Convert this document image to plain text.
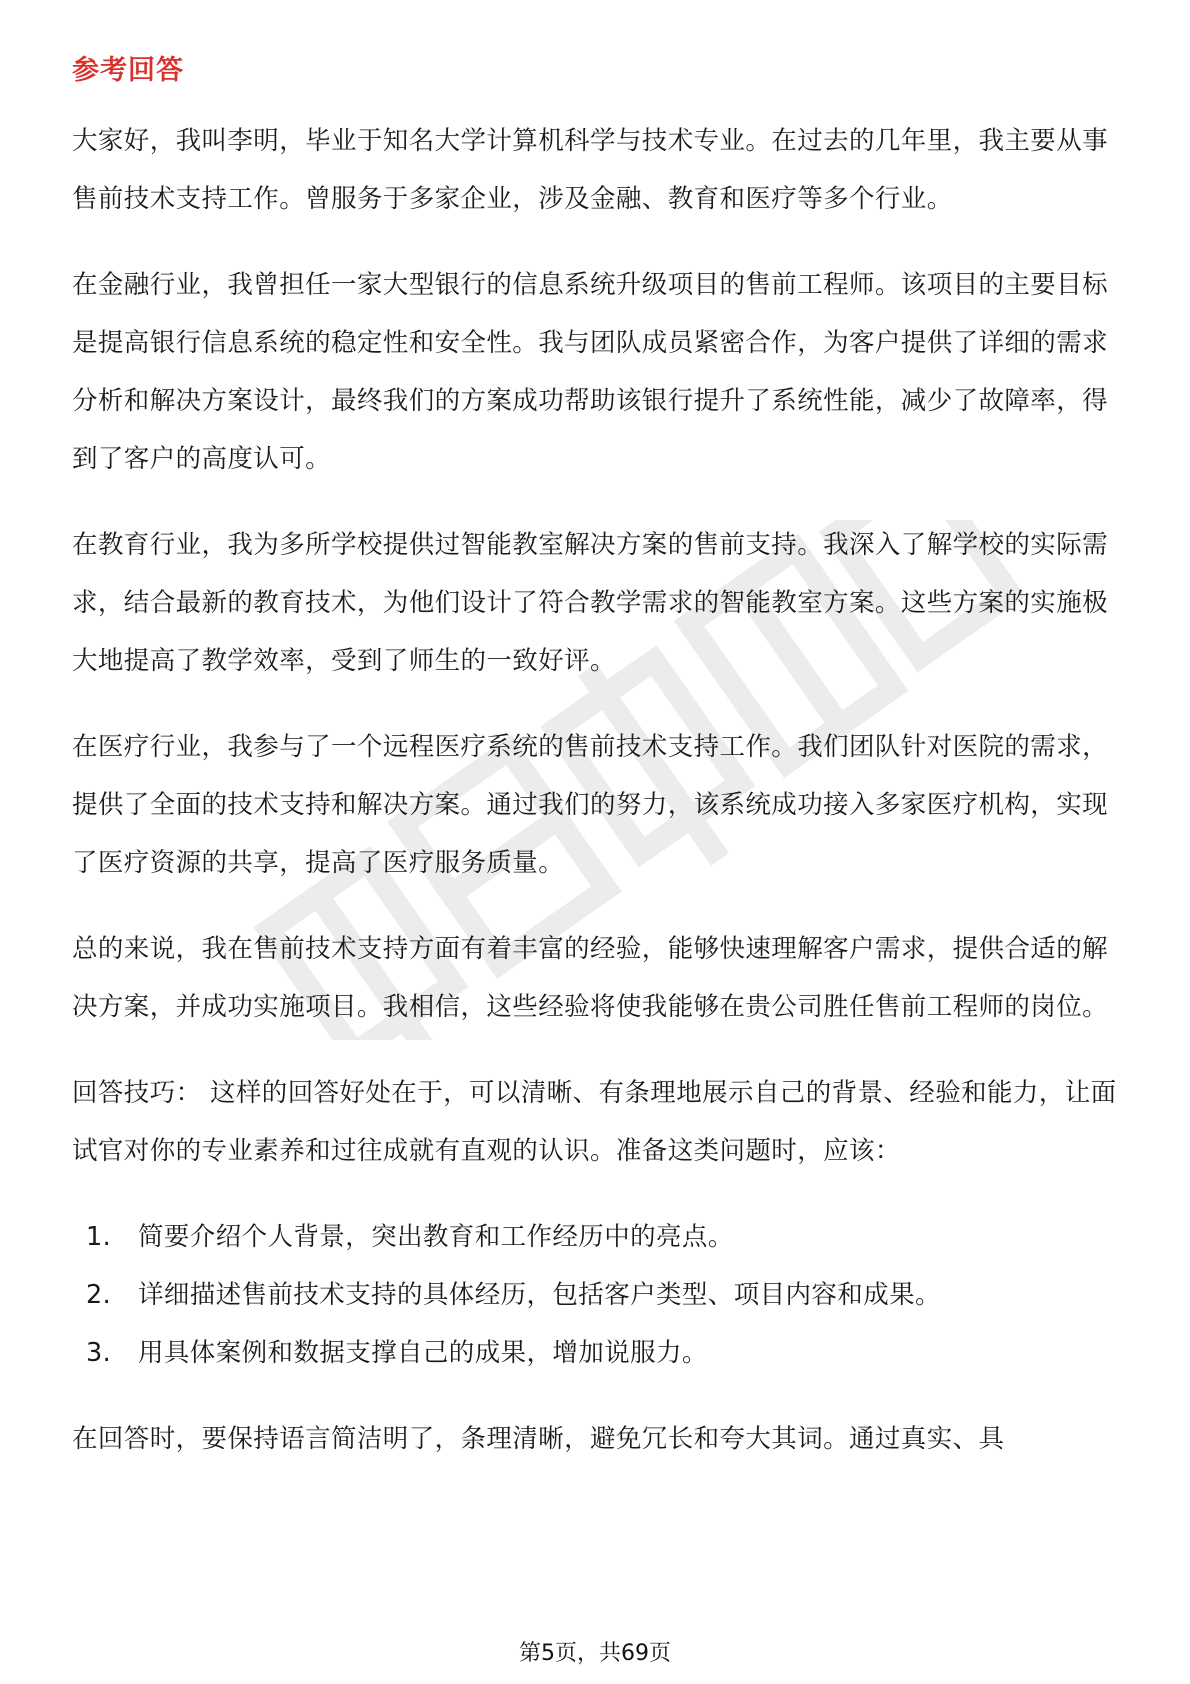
参考回答

大家好，我叫李明，毕业于知名大学计算机科学与技术专业。在过去的几年里，我主要从事售前技术支持工作。曾服务于多家企业，涉及金融、教育和医疗等多个行业。

在金融行业，我曾担任一家大型银行的信息系统升级项目的售前工程师。该项目的主要目标是提高银行信息系统的稳定性和安全性。我与团队成员紧密合作，为客户提供了详细的需求分析和解决方案设计，最终我们的方案成功帮助该银行提升了系统性能，减少了故障率，得到了客户的高度认可。

在教育行业，我为多所学校提供过智能教室解决方案的售前支持。我深入了解学校的实际需求，结合最新的教育技术，为他们设计了符合教学需求的智能教室方案。这些方案的实施极大地提高了教学效率，受到了师生的一致好评。

在医疗行业，我参与了一个远程医疗系统的售前技术支持工作。我们团队针对医院的需求，提供了全面的技术支持和解决方案。通过我们的努力，该系统成功接入多家医疗机构，实现了医疗资源的共享，提高了医疗服务质量。

总的来说，我在售前技术支持方面有着丰富的经验，能够快速理解客户需求，提供合适的解决方案，并成功实施项目。我相信，这些经验将使我能够在贵公司胜任售前工程师的岗位。

回答技巧： 这样的回答好处在于，可以清晰、有条理地展示自己的背景、经验和能力，让面试官对你的专业素养和过往成就有直观的认识。准备这类问题时，应该：

1.	简要介绍个人背景，突出教育和工作经历中的亮点。
2.	详细描述售前技术支持的具体经历，包括客户类型、项目内容和成果。
3.	用具体案例和数据支撑自己的成果，增加说服力。

在回答时，要保持语言简洁明了，条理清晰，避免冗长和夸大其词。通过真实、具

第5页，共69页
